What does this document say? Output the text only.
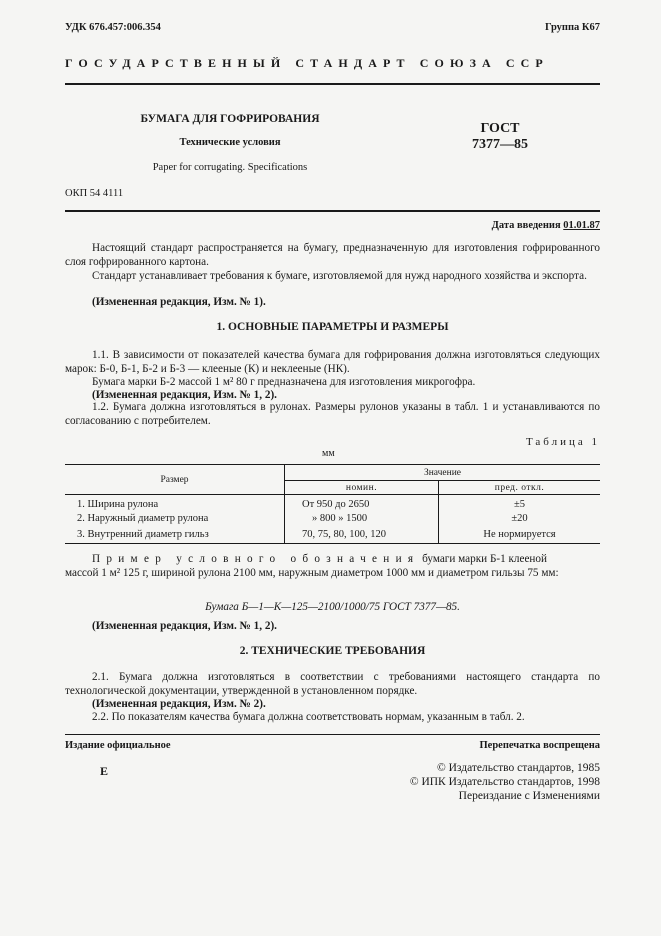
УДК 676.457:006.354	Группа К67
ГОСУДАРСТВЕННЫЙ СТАНДАРТ СОЮЗА ССР
БУМАГА ДЛЯ ГОФРИРОВАНИЯ
Технические условия
Paper for corrugating. Specifications
ОКП 54 4111
ГОСТ
7377—85
Дата введения 01.01.87
Настоящий стандарт распространяется на бумагу, предназначенную для изготовления гофрированного слоя гофрированного картона.
Стандарт устанавливает требования к бумаге, изготовляемой для нужд народного хозяйства и экспорта.
(Измененная редакция, Изм. № 1).
1. ОСНОВНЫЕ ПАРАМЕТРЫ И РАЗМЕРЫ
1.1. В зависимости от показателей качества бумага для гофрирования должна изготовляться следующих марок: Б-0, Б-1, Б-2 и Б-3 — клееные (К) и неклееные (НК).
Бумага марки Б-2 массой 1 м² 80 г предназначена для изготовления микрогофра.
(Измененная редакция, Изм. № 1, 2).
1.2. Бумага должна изготовляться в рулонах. Размеры рулонов указаны в табл. 1 и устанавливаются по согласованию с потребителем.
Таблица 1
мм
Размер	Значение	
	номин.	пред. откл.
1. Ширина рулона	От 950 до 2650	±5
2. Наружный диаметр рулона	» 800 » 1500	±20
3. Внутренний диаметр гильз	70, 75, 80, 100, 120	Не нормируется
Пример условного обозначения бумаги марки Б-1 клееной
массой 1 м² 125 г, шириной рулона 2100 мм, наружным диаметром 1000 мм и диаметром гильзы 75 мм:
Бумага Б—1—К—125—2100/1000/75 ГОСТ 7377—85.
(Измененная редакция, Изм. № 1, 2).
2. ТЕХНИЧЕСКИЕ ТРЕБОВАНИЯ
2.1. Бумага должна изготовляться в соответствии с требованиями настоящего стандарта по технологической документации, утвержденной в установленном порядке.
(Измененная редакция, Изм. № 2).
2.2. По показателям качества бумага должна соответствовать нормам, указанным в табл. 2.
Издание официальное	Перепечатка воспрещена
Е	© Издательство стандартов, 1985
© ИПК Издательство стандартов, 1998
Переиздание с Изменениями
